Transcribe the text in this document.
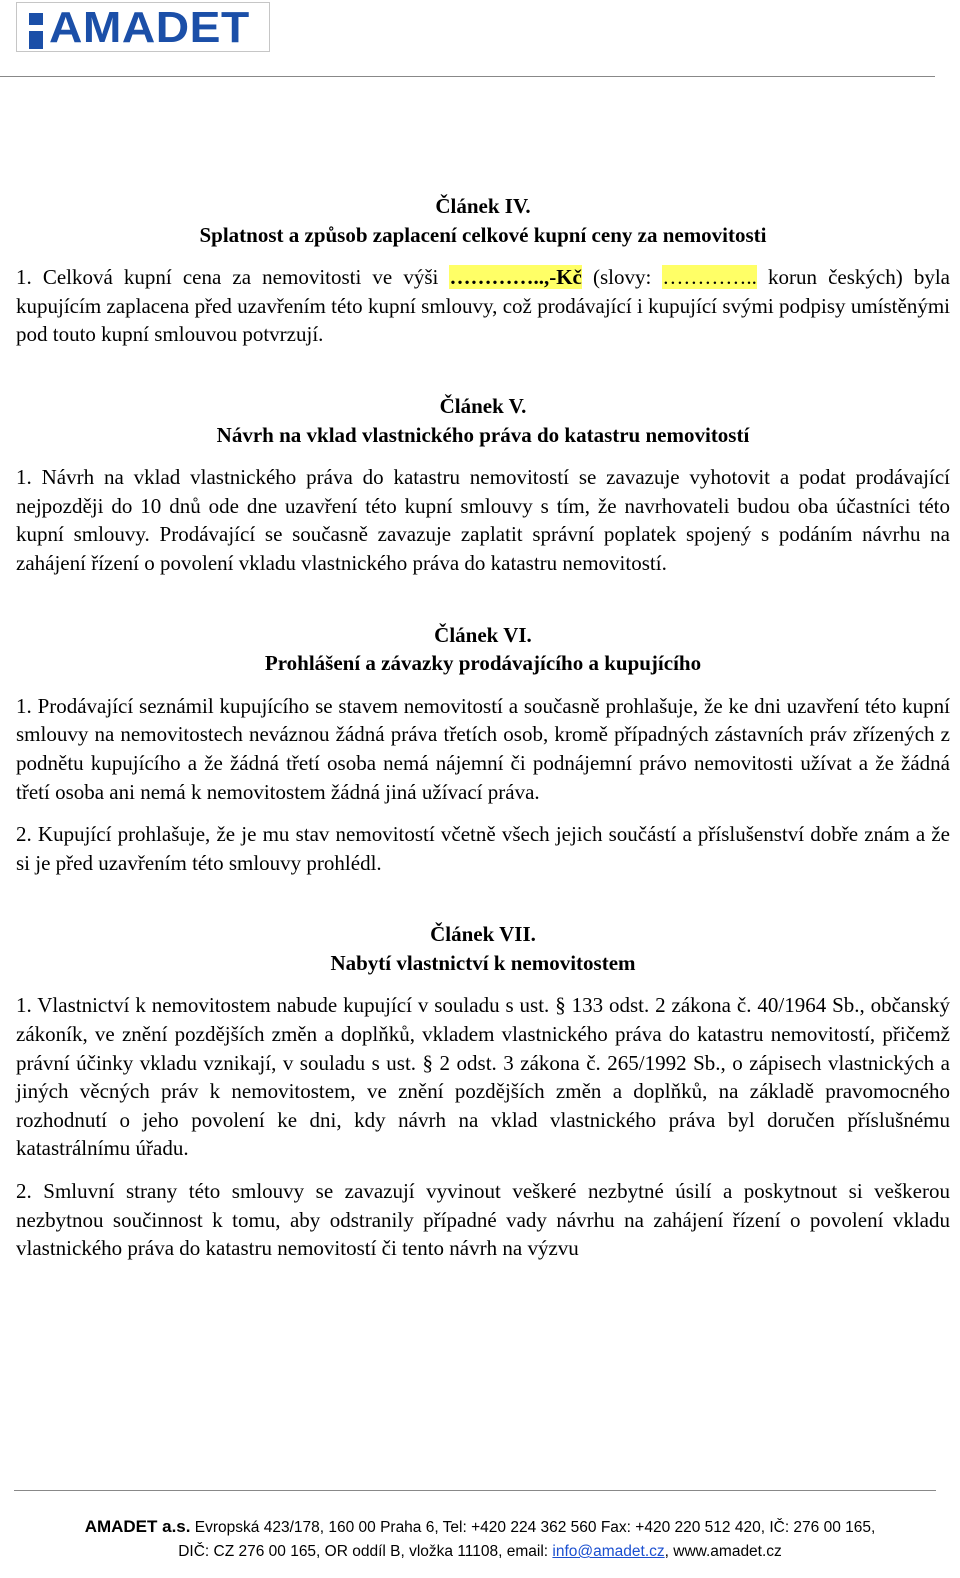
AMADET
Článek IV.
Splatnost a způsob zaplacení celkové kupní ceny za nemovitosti

1. Celková kupní cena za nemovitosti ve výši …………..,-Kč (slovy: ………….. korun českých) byla kupujícím zaplacena před uzavřením této kupní smlouvy, což prodávající i kupující svými podpisy umístěnými pod touto kupní smlouvou potvrzují.

Článek V.
Návrh na vklad vlastnického práva do katastru nemovitostí

1. Návrh na vklad vlastnického práva do katastru nemovitostí se zavazuje vyhotovit a podat prodávající nejpozději do 10 dnů ode dne uzavření této kupní smlouvy s tím, že navrhovateli budou oba účastníci této kupní smlouvy. Prodávající se současně zavazuje zaplatit správní poplatek spojený s podáním návrhu na zahájení řízení o povolení vkladu vlastnického práva do katastru nemovitostí.

Článek VI.
Prohlášení a závazky prodávajícího a kupujícího

1. Prodávající seznámil kupujícího se stavem nemovitostí a současně prohlašuje, že ke dni uzavření této kupní smlouvy na nemovitostech neváznou žádná práva třetích osob, kromě případných zástavních práv zřízených z podnětu kupujícího a že žádná třetí osoba nemá nájemní či podnájemní právo nemovitosti užívat a že žádná třetí osoba ani nemá k nemovitostem žádná jiná užívací práva.

2. Kupující prohlašuje, že je mu stav nemovitostí včetně všech jejich součástí a příslušenství dobře znám a že si je před uzavřením této smlouvy prohlédl.

Článek VII.
Nabytí vlastnictví k nemovitostem

1. Vlastnictví k nemovitostem nabude kupující v souladu s ust. § 133 odst. 2 zákona č. 40/1964 Sb., občanský zákoník, ve znění pozdějších změn a doplňků, vkladem vlastnického práva do katastru nemovitostí, přičemž právní účinky vkladu vznikají, v souladu s ust. § 2 odst. 3 zákona č. 265/1992 Sb., o zápisech vlastnických a jiných věcných práv k nemovitostem, ve znění pozdějších změn a doplňků, na základě pravomocného rozhodnutí o jeho povolení ke dni, kdy návrh na vklad vlastnického práva byl doručen příslušnému katastrálnímu úřadu.

2. Smluvní strany této smlouvy se zavazují vyvinout veškeré nezbytné úsilí a poskytnout si veškerou nezbytnou součinnost k tomu, aby odstranily případné vady návrhu na zahájení řízení o povolení vkladu vlastnického práva do katastru nemovitostí či tento návrh na výzvu

AMADET a.s. Evropská 423/178, 160 00 Praha 6, Tel: +420 224 362 560 Fax: +420 220 512 420, IČ: 276 00 165,
DIČ: CZ 276 00 165, OR oddíl B, vložka 11108, email: info@amadet.cz, www.amadet.cz
